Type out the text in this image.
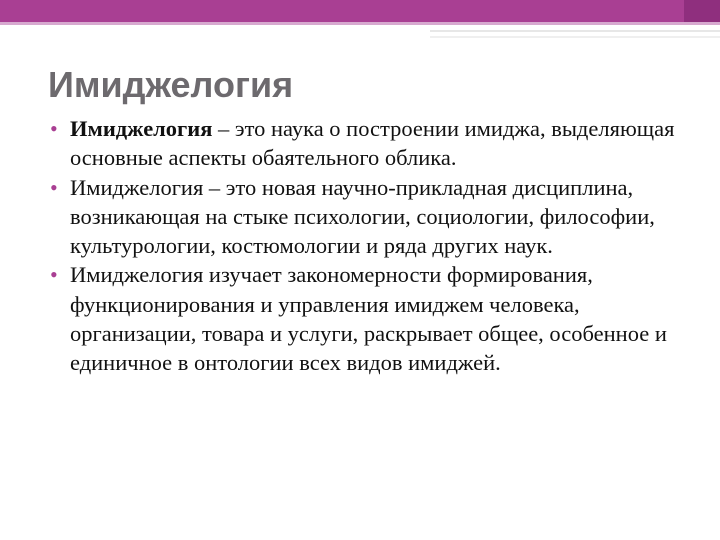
Имиджелогия
• Имиджелогия – это наука о построении имиджа, выделяющая основные аспекты обаятельного облика.
• Имиджелогия – это новая научно-прикладная дисциплина, возникающая на стыке психологии, социологии, философии, культурологии, костюмологии и ряда других наук.
• Имиджелогия изучает закономерности формирования, функционирования и управления имиджем человека, организации, товара и услуги, раскрывает общее, особенное и единичное в онтологии всех видов имиджей.
